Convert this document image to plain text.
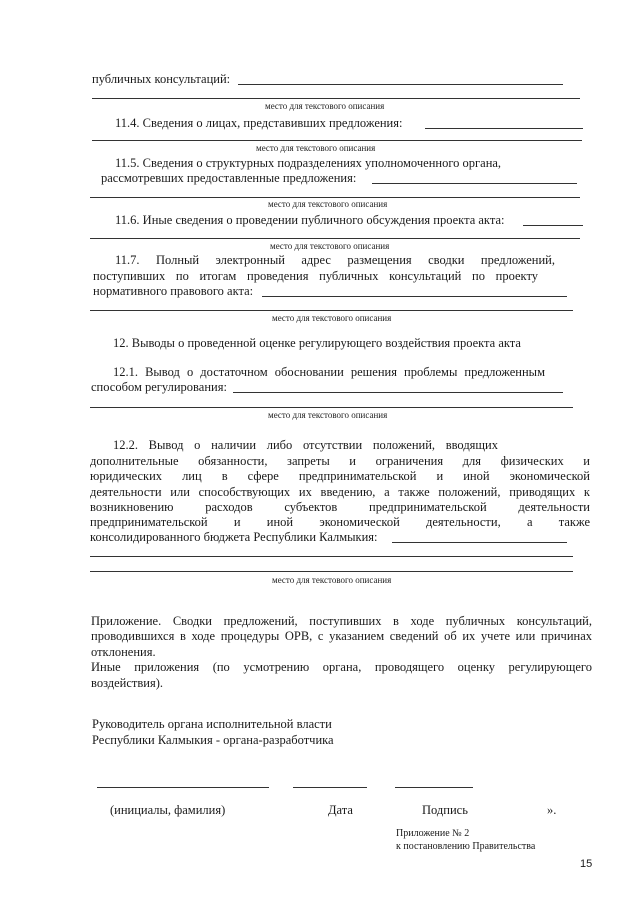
публичных консультаций:
место для текстового описания
11.4. Сведения о лицах, представивших предложения:
место для текстового описания
11.5. Сведения о структурных подразделениях уполномоченного органа,
рассмотревших предоставленные предложения:
место для текстового описания
11.6. Иные сведения о проведении публичного обсуждения проекта акта:
место для текстового описания
11.7. Полный электронный адрес размещения сводки предложений,
поступивших по итогам проведения публичных консультаций по проекту
нормативного правового акта:
место для текстового описания
12. Выводы о проведенной оценке регулирующего воздействия проекта акта
12.1. Вывод о достаточном обосновании решения проблемы предложенным
способом регулирования:
место для текстового описания
12.2. Вывод о наличии либо отсутствии положений, вводящих
дополнительные обязанности, запреты и ограничения для физических и
юридических лиц в сфере предпринимательской и иной экономической
деятельности или способствующих их введению, а также положений, приводящих к
возникновению расходов субъектов предпринимательской деятельности
предпринимательской и иной экономической деятельности, а также
консолидированного бюджета Республики Калмыкия:
место для текстового описания
Приложение. Сводки предложений, поступивших в ходе публичных консультаций,
проводившихся в ходе процедуры ОРВ, с указанием сведений об их учете или причинах
отклонения.
Иные приложения (по усмотрению органа, проводящего оценку регулирующего
воздействия).
Руководитель органа исполнительной власти
Республики Калмыкия - органа-разработчика
(инициалы, фамилия)	Дата	Подпись	».
Приложение № 2
к постановлению Правительства
15
